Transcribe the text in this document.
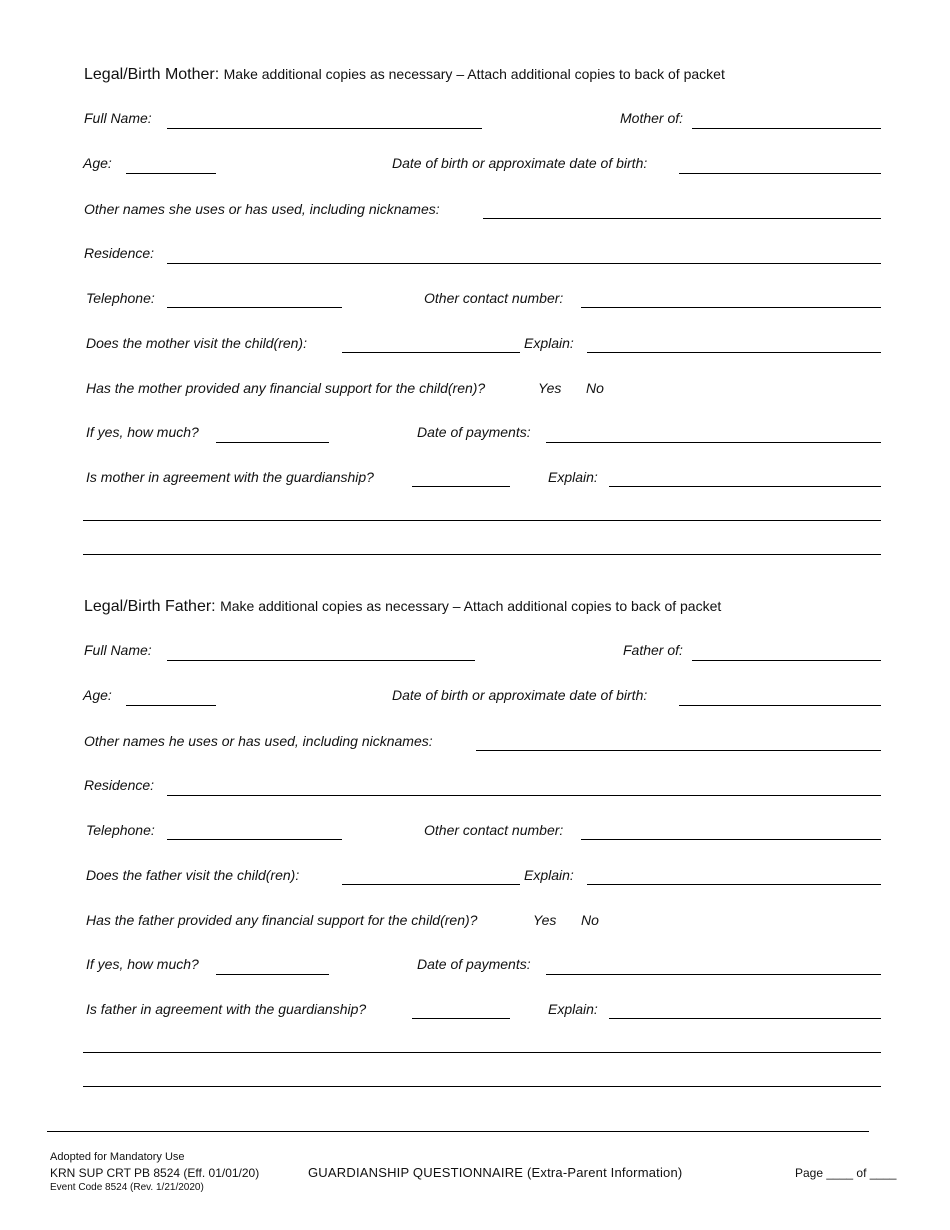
Legal/Birth Mother: Make additional copies as necessary – Attach additional copies to back of packet
Full Name:	Mother of:
Age:	Date of birth or approximate date of birth:
Other names she uses or has used, including nicknames:
Residence:
Telephone:	Other contact number:
Does the mother visit the child(ren):	Explain:
Has the mother provided any financial support for the child(ren)?	Yes No
If yes, how much?	Date of payments:
Is mother in agreement with the guardianship?	Explain:
Legal/Birth Father: Make additional copies as necessary – Attach additional copies to back of packet
Full Name:	Father of:
Age:	Date of birth or approximate date of birth:
Other names he uses or has used, including nicknames:
Residence:
Telephone:	Other contact number:
Does the father visit the child(ren):	Explain:
Has the father provided any financial support for the child(ren)?	Yes No
If yes, how much?	Date of payments:
Is father in agreement with the guardianship?	Explain:
Adopted for Mandatory Use
KRN SUP CRT PB 8524 (Eff. 01/01/20)
Event Code 8524 (Rev. 1/21/2020)
GUARDIANSHIP QUESTIONNAIRE (Extra-Parent Information)	Page ____ of ____
